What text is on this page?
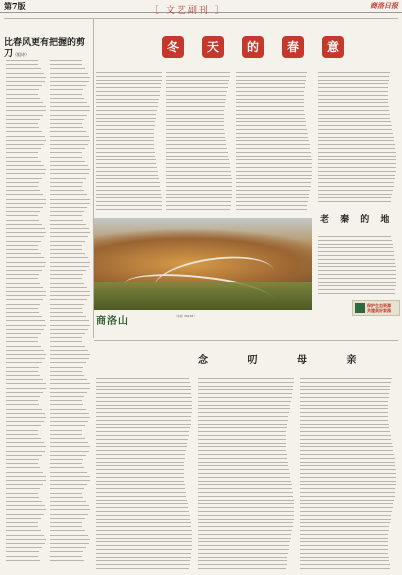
第7版	［ 文艺副刊 ］
商洛日报
比春风更有把握的剪刀（组诗）
冬	天	的	春	意
商洛山	（水彩 36x38）
老 秦 的 地
保护生态资源
共建美好家园
念 叨 母 亲
